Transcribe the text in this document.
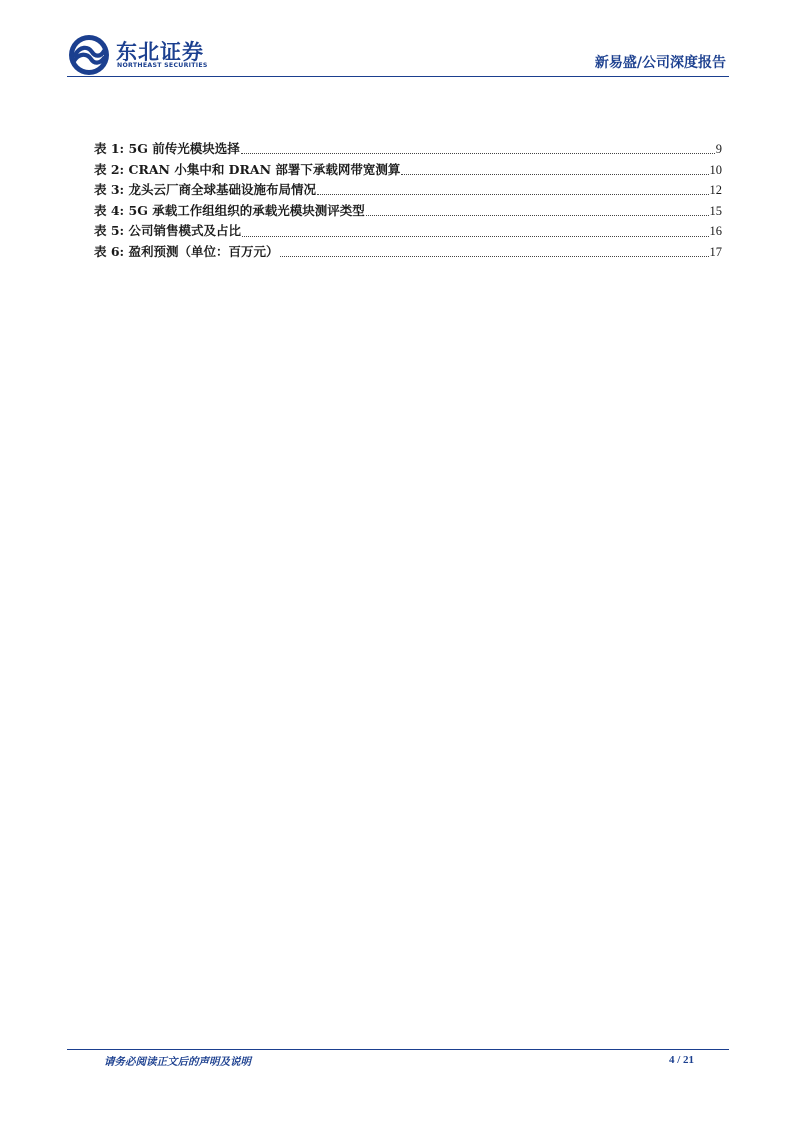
东北证券
NORTHEAST SECURITIES	新易盛/公司深度报告
表 1: 5G 前传光模块选择	9
表 2: CRAN 小集中和 DRAN 部署下承载网带宽测算	10
表 3: 龙头云厂商全球基础设施布局情况	12
表 4: 5G 承载工作组组织的承载光模块测评类型	15
表 5: 公司销售模式及占比	16
表 6: 盈利预测（单位：百万元）	17
请务必阅读正文后的声明及说明	4 / 21
